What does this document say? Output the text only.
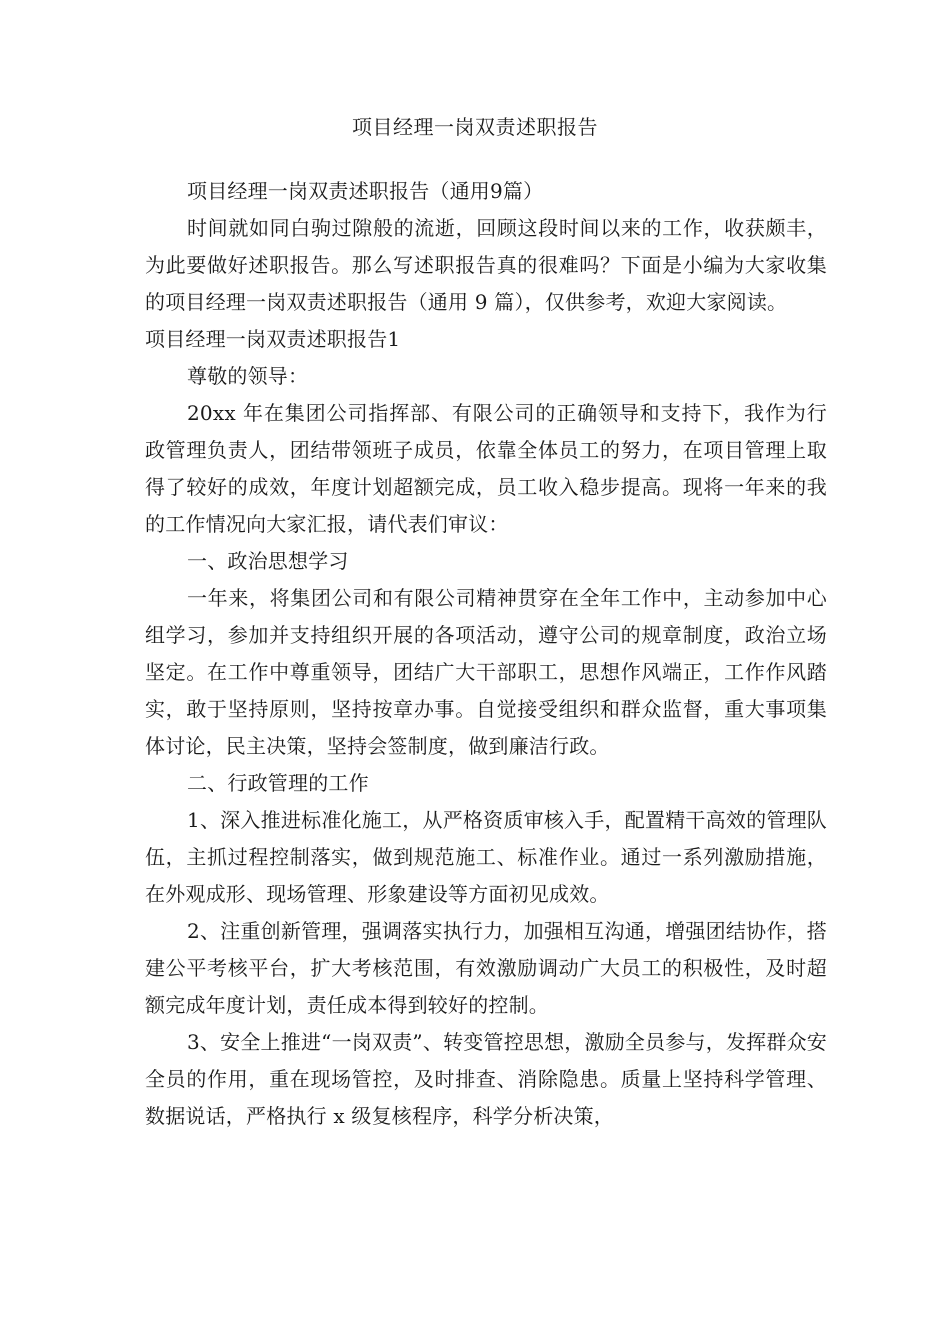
项目经理一岗双责述职报告

项目经理一岗双责述职报告（通用9篇）

时间就如同白驹过隙般的流逝，回顾这段时间以来的工作，收获颇丰，为此要做好述职报告。那么写述职报告真的很难吗？下面是小编为大家收集的项目经理一岗双责述职报告（通用 9 篇），仅供参考，欢迎大家阅读。

项目经理一岗双责述职报告1

尊敬的领导：

20xx 年在集团公司指挥部、有限公司的正确领导和支持下，我作为行政管理负责人，团结带领班子成员，依靠全体员工的努力，在项目管理上取得了较好的成效，年度计划超额完成，员工收入稳步提高。现将一年来的我的工作情况向大家汇报，请代表们审议：

一、政治思想学习

一年来，将集团公司和有限公司精神贯穿在全年工作中，主动参加中心组学习，参加并支持组织开展的各项活动，遵守公司的规章制度，政治立场坚定。在工作中尊重领导，团结广大干部职工，思想作风端正，工作作风踏实，敢于坚持原则，坚持按章办事。自觉接受组织和群众监督，重大事项集体讨论，民主决策，坚持会签制度，做到廉洁行政。

二、行政管理的工作

1、深入推进标准化施工，从严格资质审核入手，配置精干高效的管理队伍，主抓过程控制落实，做到规范施工、标准作业。通过一系列激励措施，在外观成形、现场管理、形象建设等方面初见成效。

2、注重创新管理，强调落实执行力，加强相互沟通，增强团结协作，搭建公平考核平台，扩大考核范围，有效激励调动广大员工的积极性，及时超额完成年度计划，责任成本得到较好的控制。

3、安全上推进“一岗双责”、转变管控思想，激励全员参与，发挥群众安全员的作用，重在现场管控，及时排查、消除隐患。质量上坚持科学管理、数据说话，严格执行 x 级复核程序，科学分析决策，
